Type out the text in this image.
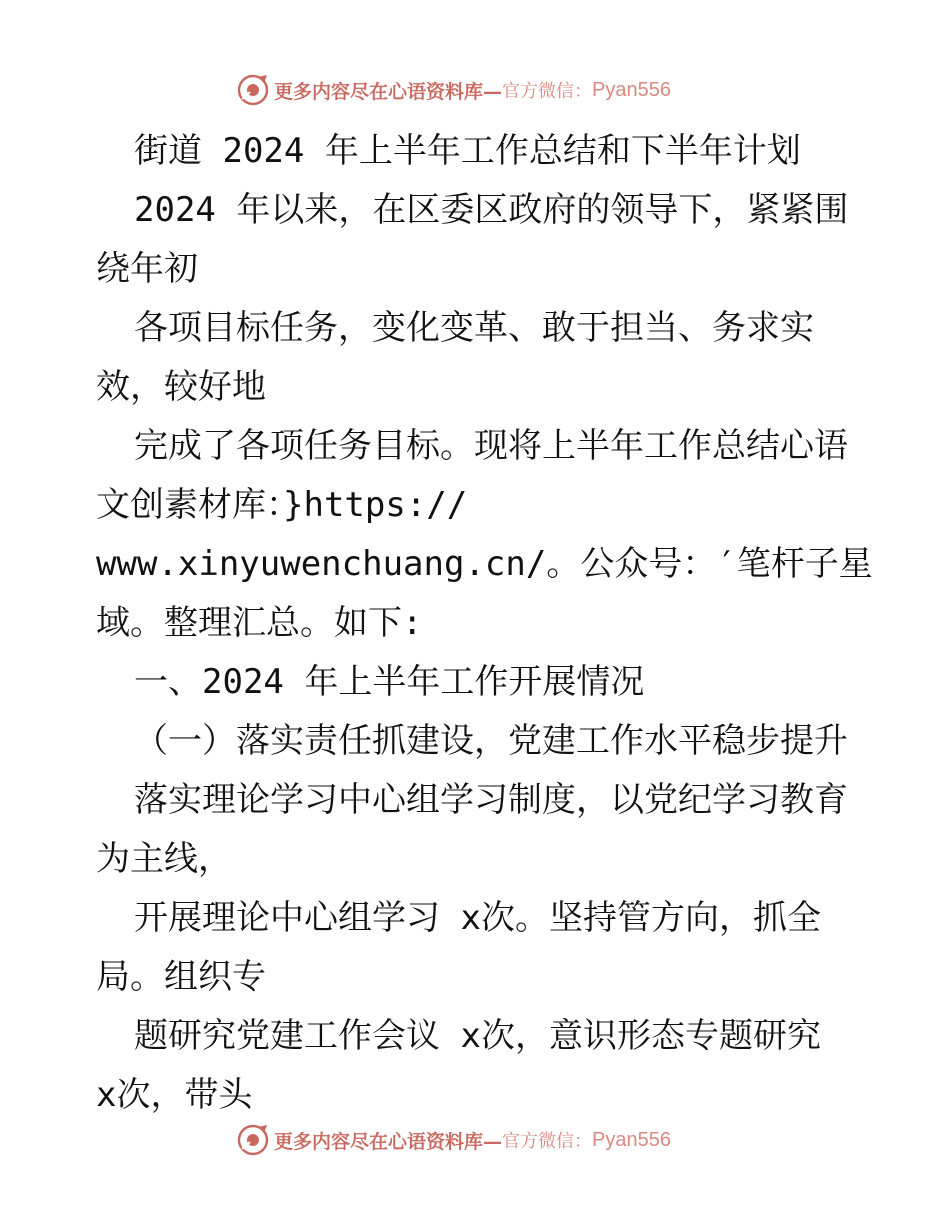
更多内容尽在心语资料库— 官方微信： Pyan556
街道 2024 年上半年工作总结和下半年计划
2024 年以来，在区委区政府的领导下，紧紧围
绕年初
各项目标任务，变化变革、敢于担当、务求实
效，较好地
完成了各项任务目标。现将上半年工作总结心语
文创素材库：}https://
www.xinyuwenchuang.cn/。公众号：′笔杆子星
域。整理汇总。如下:
一、2024 年上半年工作开展情况
（一）落实责任抓建设，党建工作水平稳步提升
落实理论学习中心组学习制度，以党纪学习教育
为主线，
开展理论中心组学习 x次。坚持管方向，抓全
局。组织专
题研究党建工作会议 x次，意识形态专题研究
x次，带头
更多内容尽在心语资料库— 官方微信： Pyan556
